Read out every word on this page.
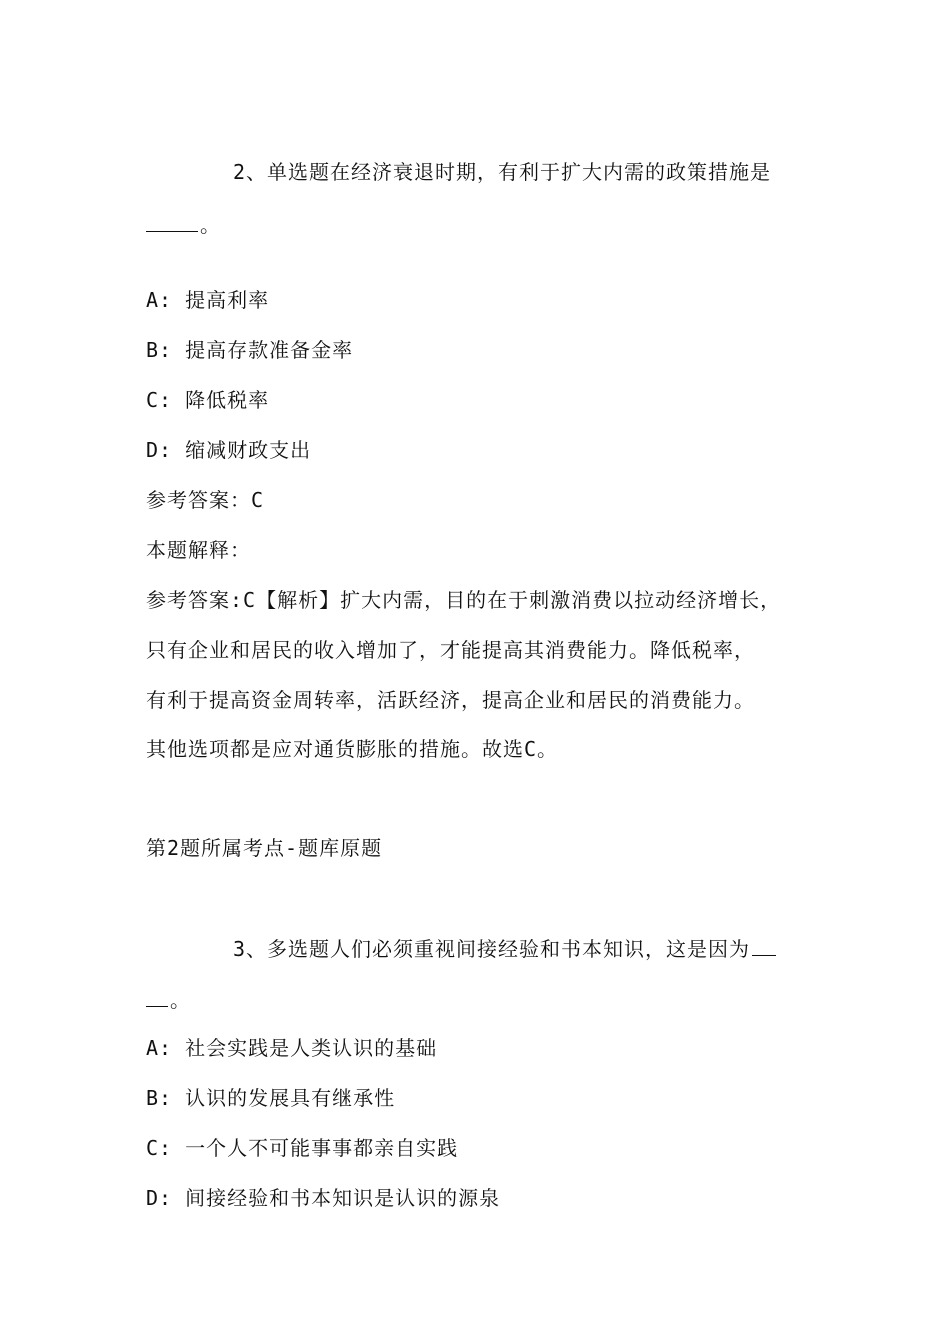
2、单选题在经济衰退时期，有利于扩大内需的政策措施是
。
A: 提高利率
B: 提高存款准备金率
C: 降低税率
D: 缩减财政支出
参考答案：C
本题解释：
参考答案:C【解析】扩大内需，目的在于刺激消费以拉动经济增长，
只有企业和居民的收入增加了，才能提高其消费能力。降低税率，
有利于提高资金周转率，活跃经济，提高企业和居民的消费能力。
其他选项都是应对通货膨胀的措施。故选C。
第2题所属考点-题库原题
3、多选题人们必须重视间接经验和书本知识，这是因为
。
A: 社会实践是人类认识的基础
B: 认识的发展具有继承性
C: 一个人不可能事事都亲自实践
D: 间接经验和书本知识是认识的源泉
